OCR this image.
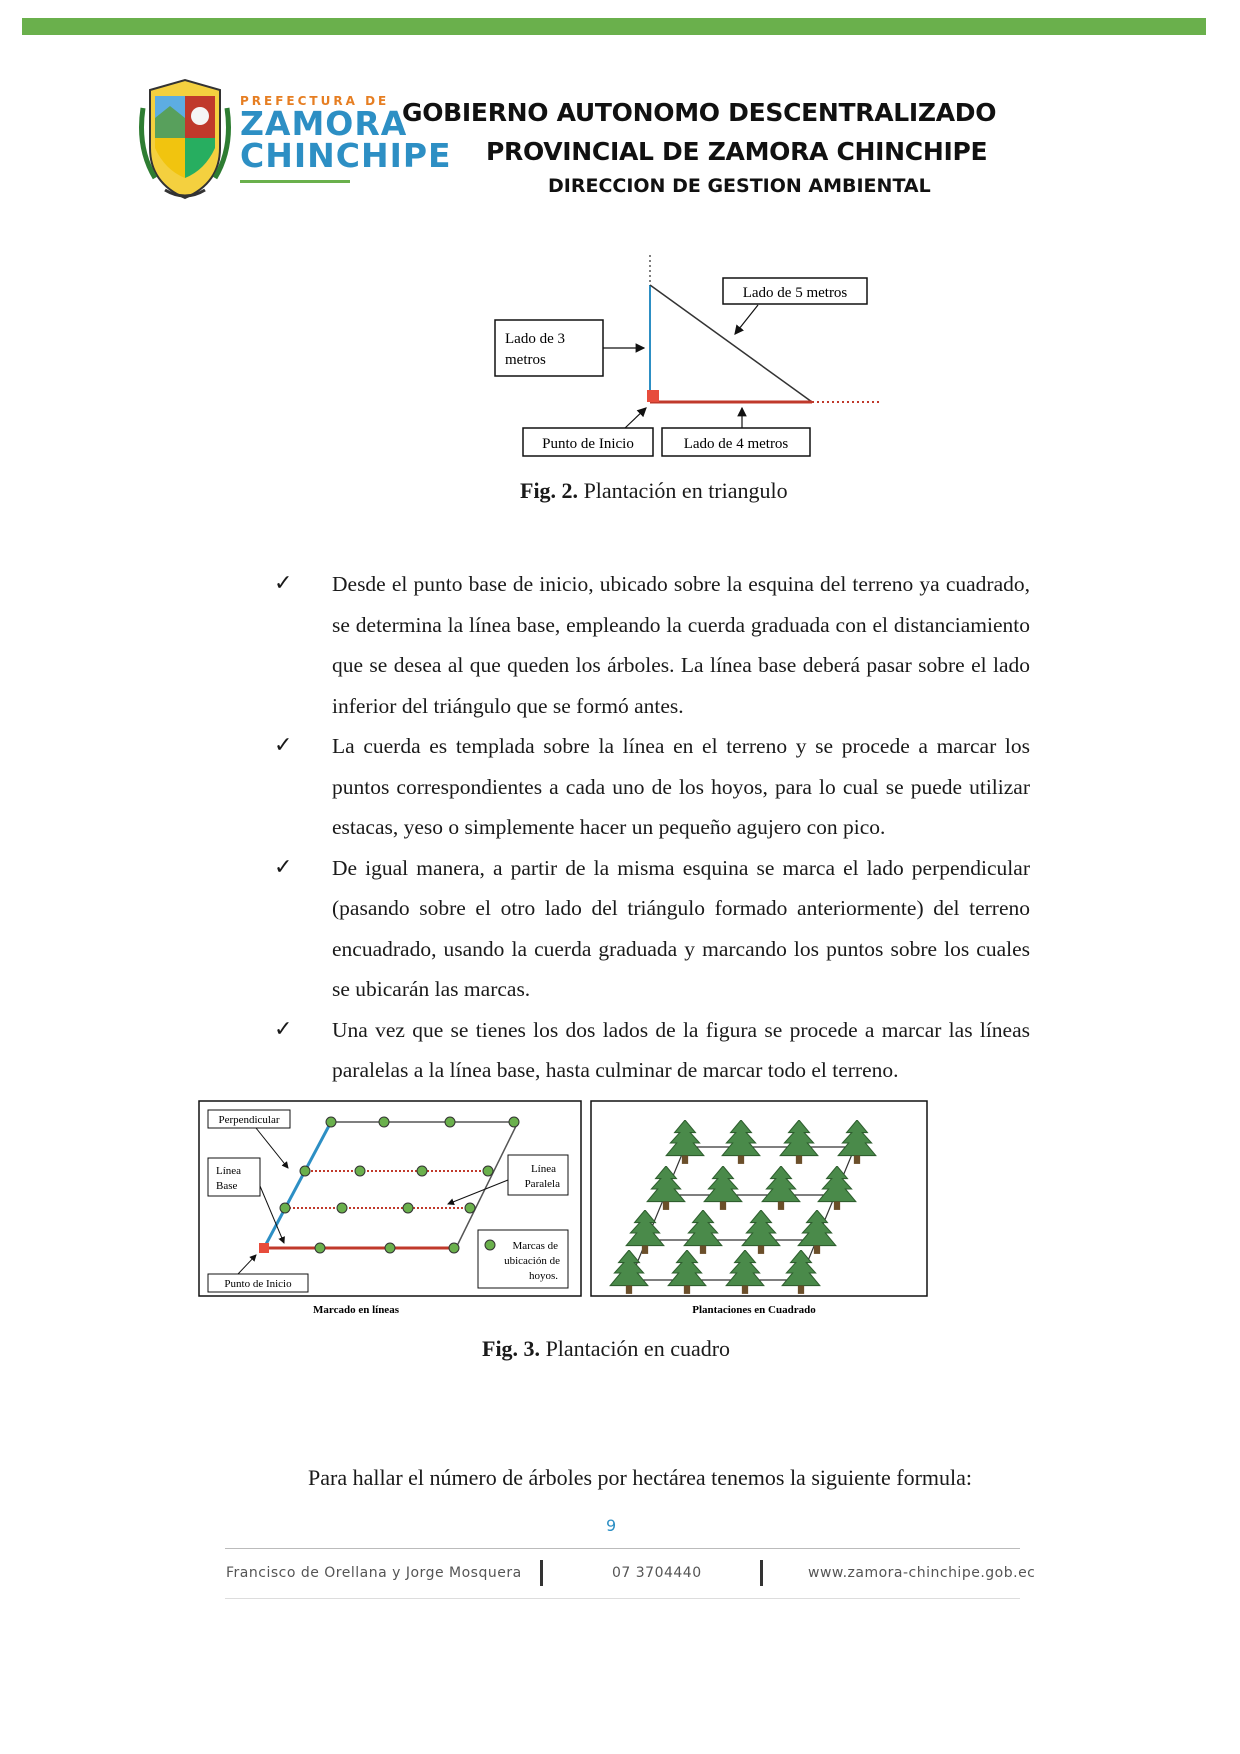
PREFECTURA DE
ZAMORA
CHINCHIPE
GOBIERNO AUTONOMO DESCENTRALIZADO
PROVINCIAL DE ZAMORA CHINCHIPE
DIRECCION DE GESTION AMBIENTAL
Lado de 5 metros
Lado de 3
metros
Punto de Inicio	Lado de 4 metros
Fig. 2. Plantación en triangulo
✓ Desde el punto base de inicio, ubicado sobre la esquina del terreno ya cuadrado, se determina la línea base, empleando la cuerda graduada con el distanciamiento que se desea al que queden los árboles. La línea base deberá pasar sobre el lado inferior del triángulo que se formó antes.
✓ La cuerda es templada sobre la línea en el terreno y se procede a marcar los puntos correspondientes a cada uno de los hoyos, para lo cual se puede utilizar estacas, yeso o simplemente hacer un pequeño agujero con pico.
✓ De igual manera, a partir de la misma esquina se marca el lado perpendicular (pasando sobre el otro lado del triángulo formado anteriormente) del terreno encuadrado, usando la cuerda graduada y marcando los puntos sobre los cuales se ubicarán las marcas.
✓ Una vez que se tienes los dos lados de la figura se procede a marcar las líneas paralelas a la línea base, hasta culminar de marcar todo el terreno.
Perpendicular
Línea
Base
Punto de Inicio
Línea
Paralela
Marcas de
ubicación de
hoyos.
Marcado en líneas	Plantaciones en Cuadrado
Fig. 3. Plantación en cuadro
Para hallar el número de árboles por hectárea tenemos la siguiente formula:
9
Francisco de Orellana y Jorge Mosquera	07 3704440	www.zamora-chinchipe.gob.ec
